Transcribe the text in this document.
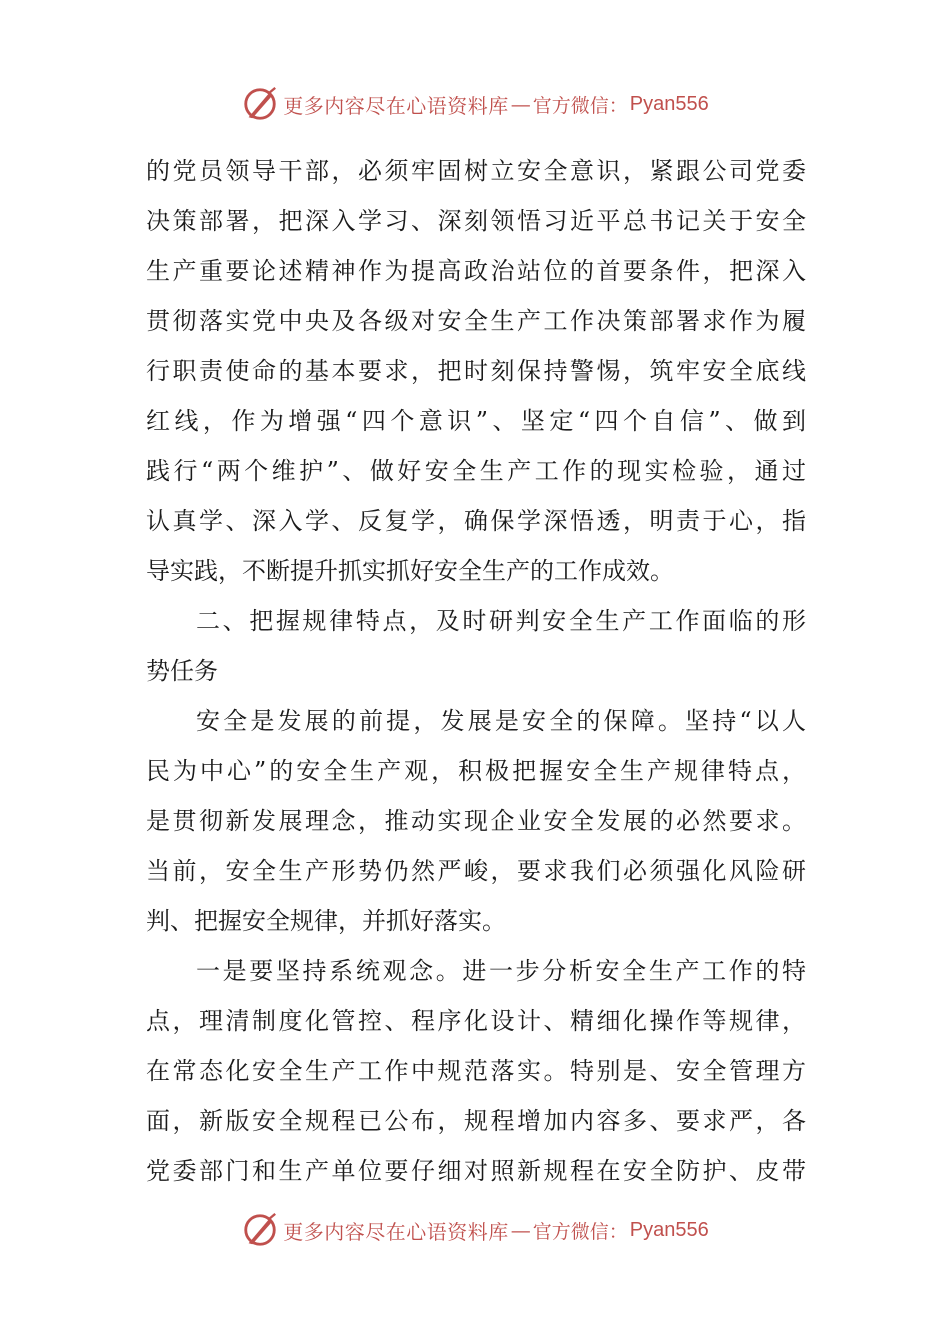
更多内容尽在心语资料库 — 官方微信： Pyan556
的党员领导干部，必须牢固树立安全意识，紧跟公司党委
决策部署，把深入学习、深刻领悟习近平总书记关于安全
生产重要论述精神作为提高政治站位的首要条件，把深入
贯彻落实党中央及各级对安全生产工作决策部署求作为履
行职责使命的基本要求，把时刻保持警惕，筑牢安全底线
红线，作为增强“四个意识”、坚定“四个自信”、做到
践行“两个维护”、做好安全生产工作的现实检验，通过
认真学、深入学、反复学，确保学深悟透，明责于心，指
导实践，不断提升抓实抓好安全生产的工作成效。
二、把握规律特点，及时研判安全生产工作面临的形
势任务
安全是发展的前提，发展是安全的保障。坚持“以人
民为中心”的安全生产观，积极把握安全生产规律特点，
是贯彻新发展理念，推动实现企业安全发展的必然要求。
当前，安全生产形势仍然严峻，要求我们必须强化风险研
判、把握安全规律，并抓好落实。
一是要坚持系统观念。进一步分析安全生产工作的特
点，理清制度化管控、程序化设计、精细化操作等规律，
在常态化安全生产工作中规范落实。特别是、安全管理方
面，新版安全规程已公布，规程增加内容多、要求严，各
党委部门和生产单位要仔细对照新规程在安全防护、皮带
更多内容尽在心语资料库 — 官方微信： Pyan556
